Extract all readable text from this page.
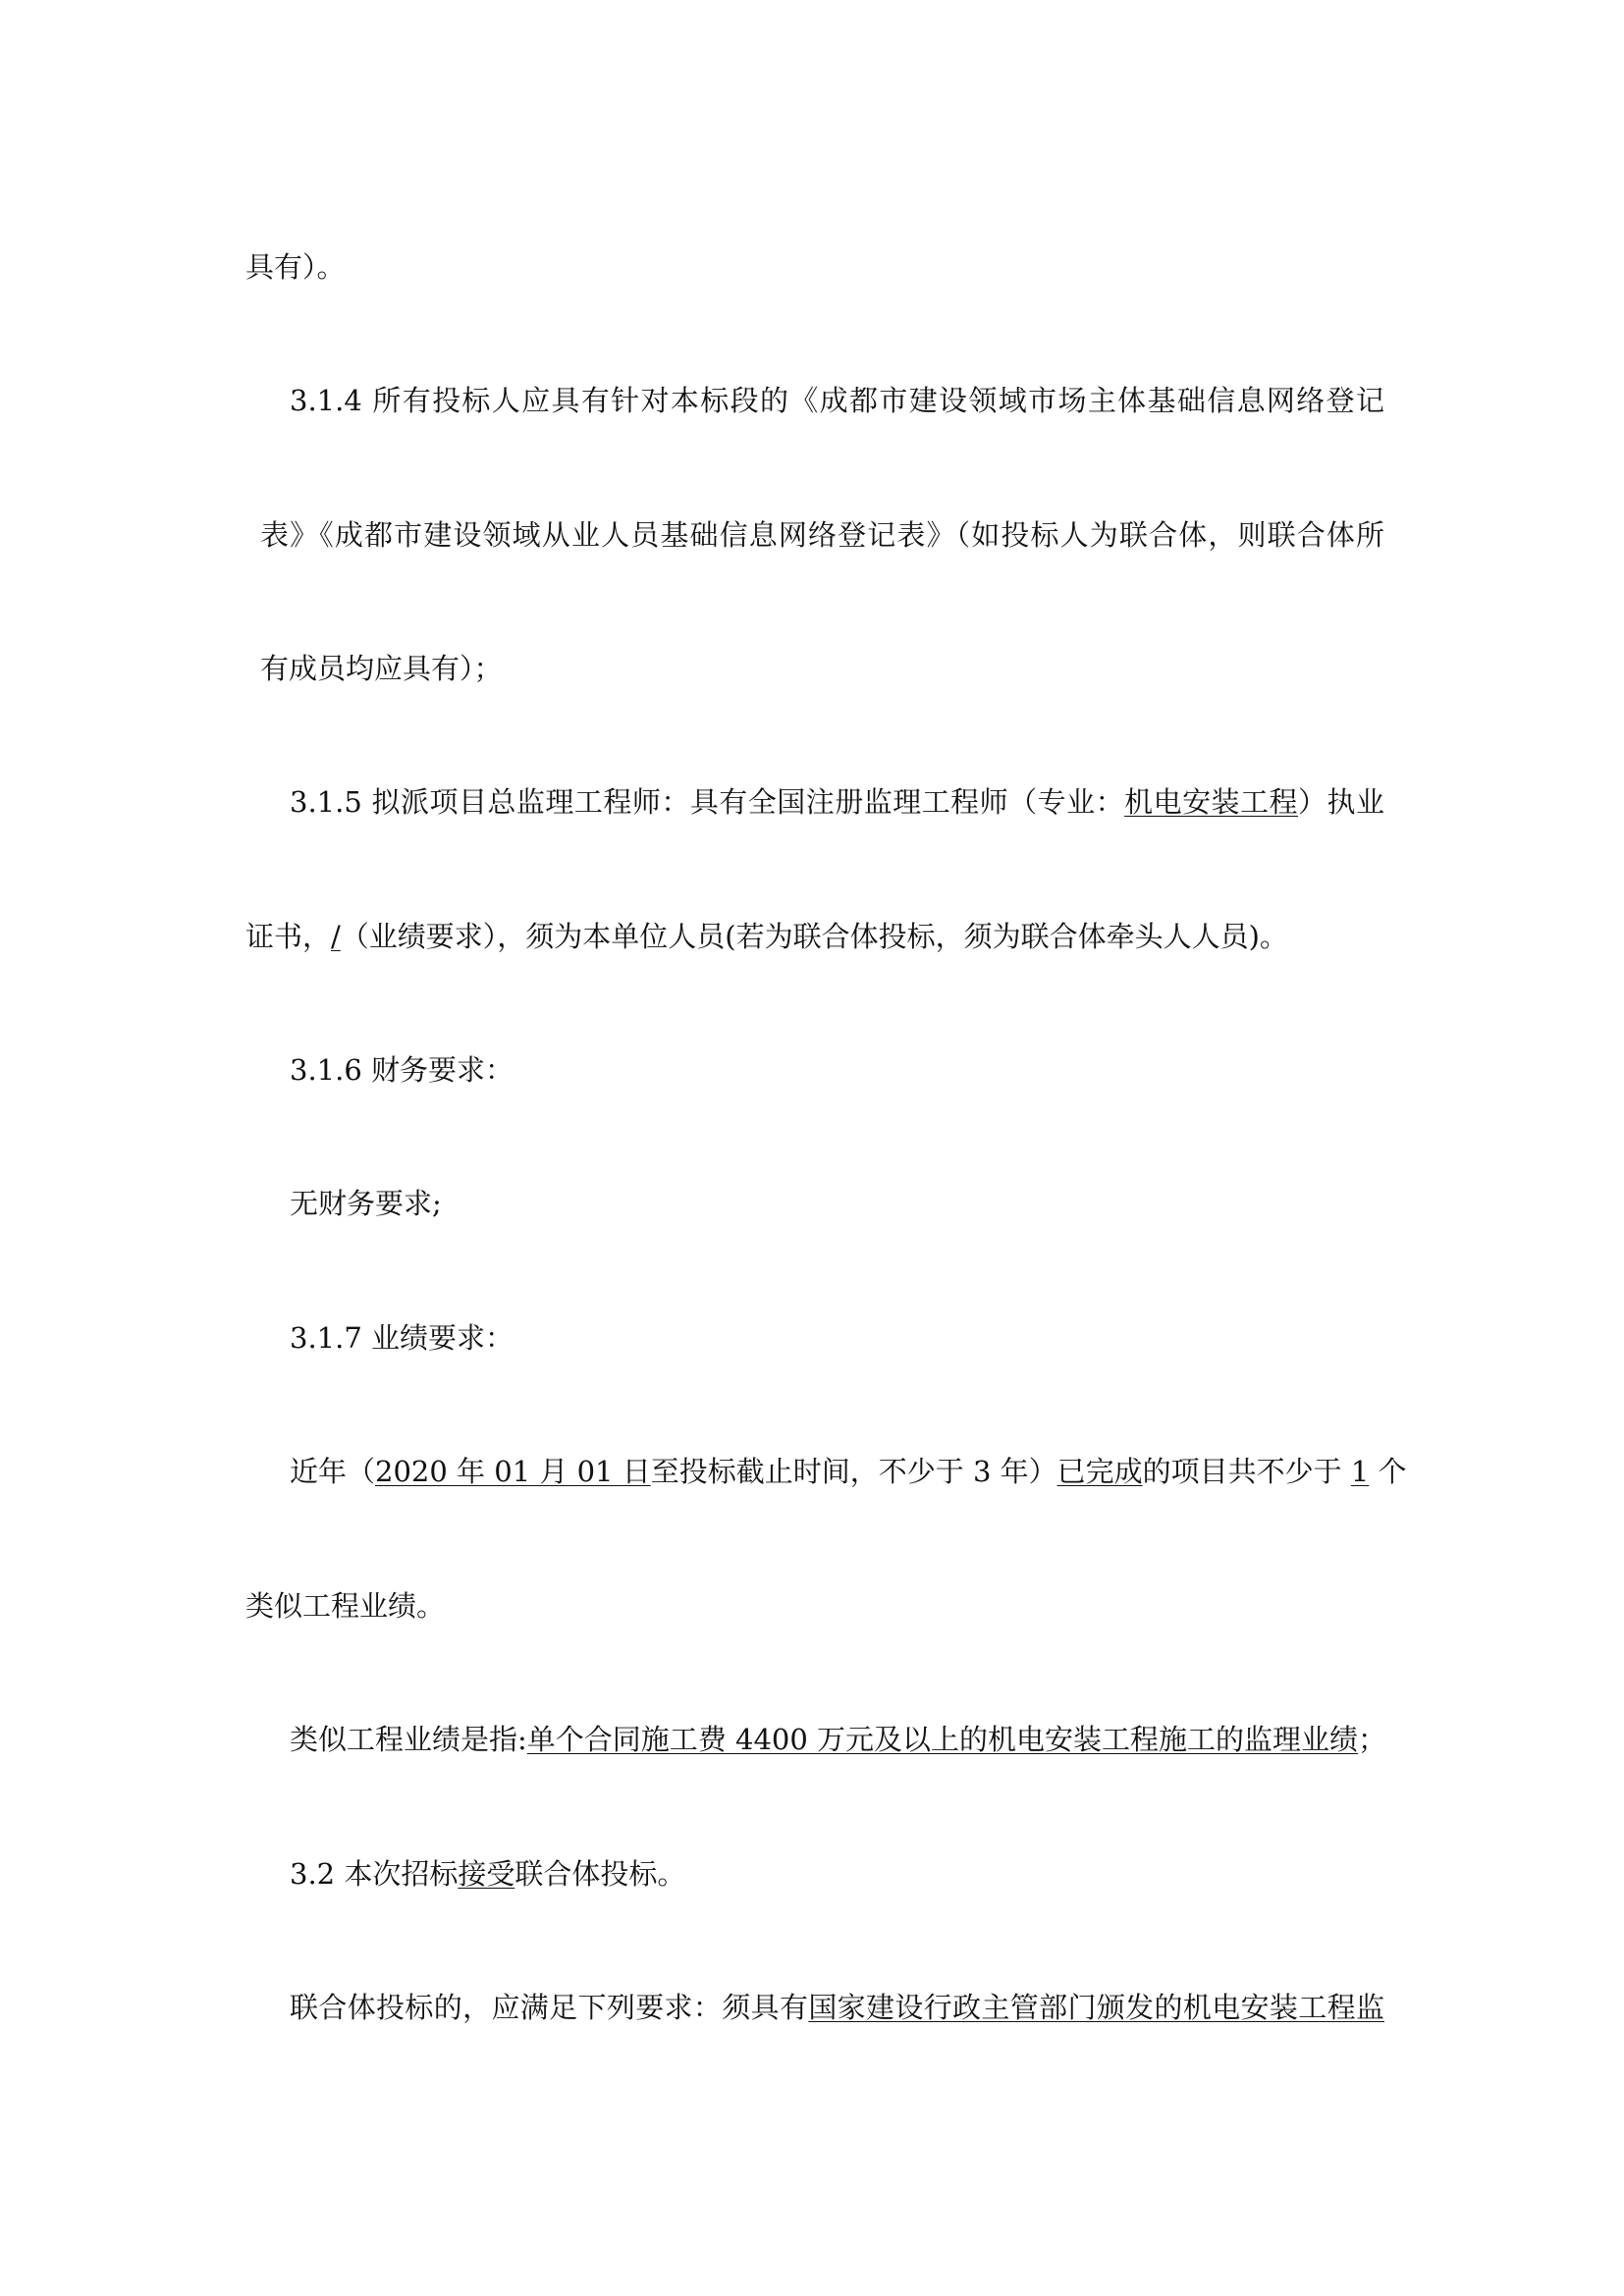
具有）。
3.1.4 所有投标人应具有针对本标段的《成都市建设领域市场主体基础信息网络登记
表》《成都市建设领域从业人员基础信息网络登记表》（如投标人为联合体，则联合体所
有成员均应具有）；
3.1.5 拟派项目总监理工程师：具有全国注册监理工程师（专业：机电安装工程）执业
证书，/（业绩要求），须为本单位人员(若为联合体投标，须为联合体牵头人人员)。
3.1.6 财务要求：
无财务要求;
3.1.7 业绩要求：
近年（2020 年 01 月 01 日至投标截止时间，不少于 3 年）已完成的项目共不少于 1 个
类似工程业绩。
类似工程业绩是指:单个合同施工费 4400 万元及以上的机电安装工程施工的监理业绩；
3.2 本次招标接受联合体投标。
联合体投标的，应满足下列要求：须具有国家建设行政主管部门颁发的机电安装工程监
